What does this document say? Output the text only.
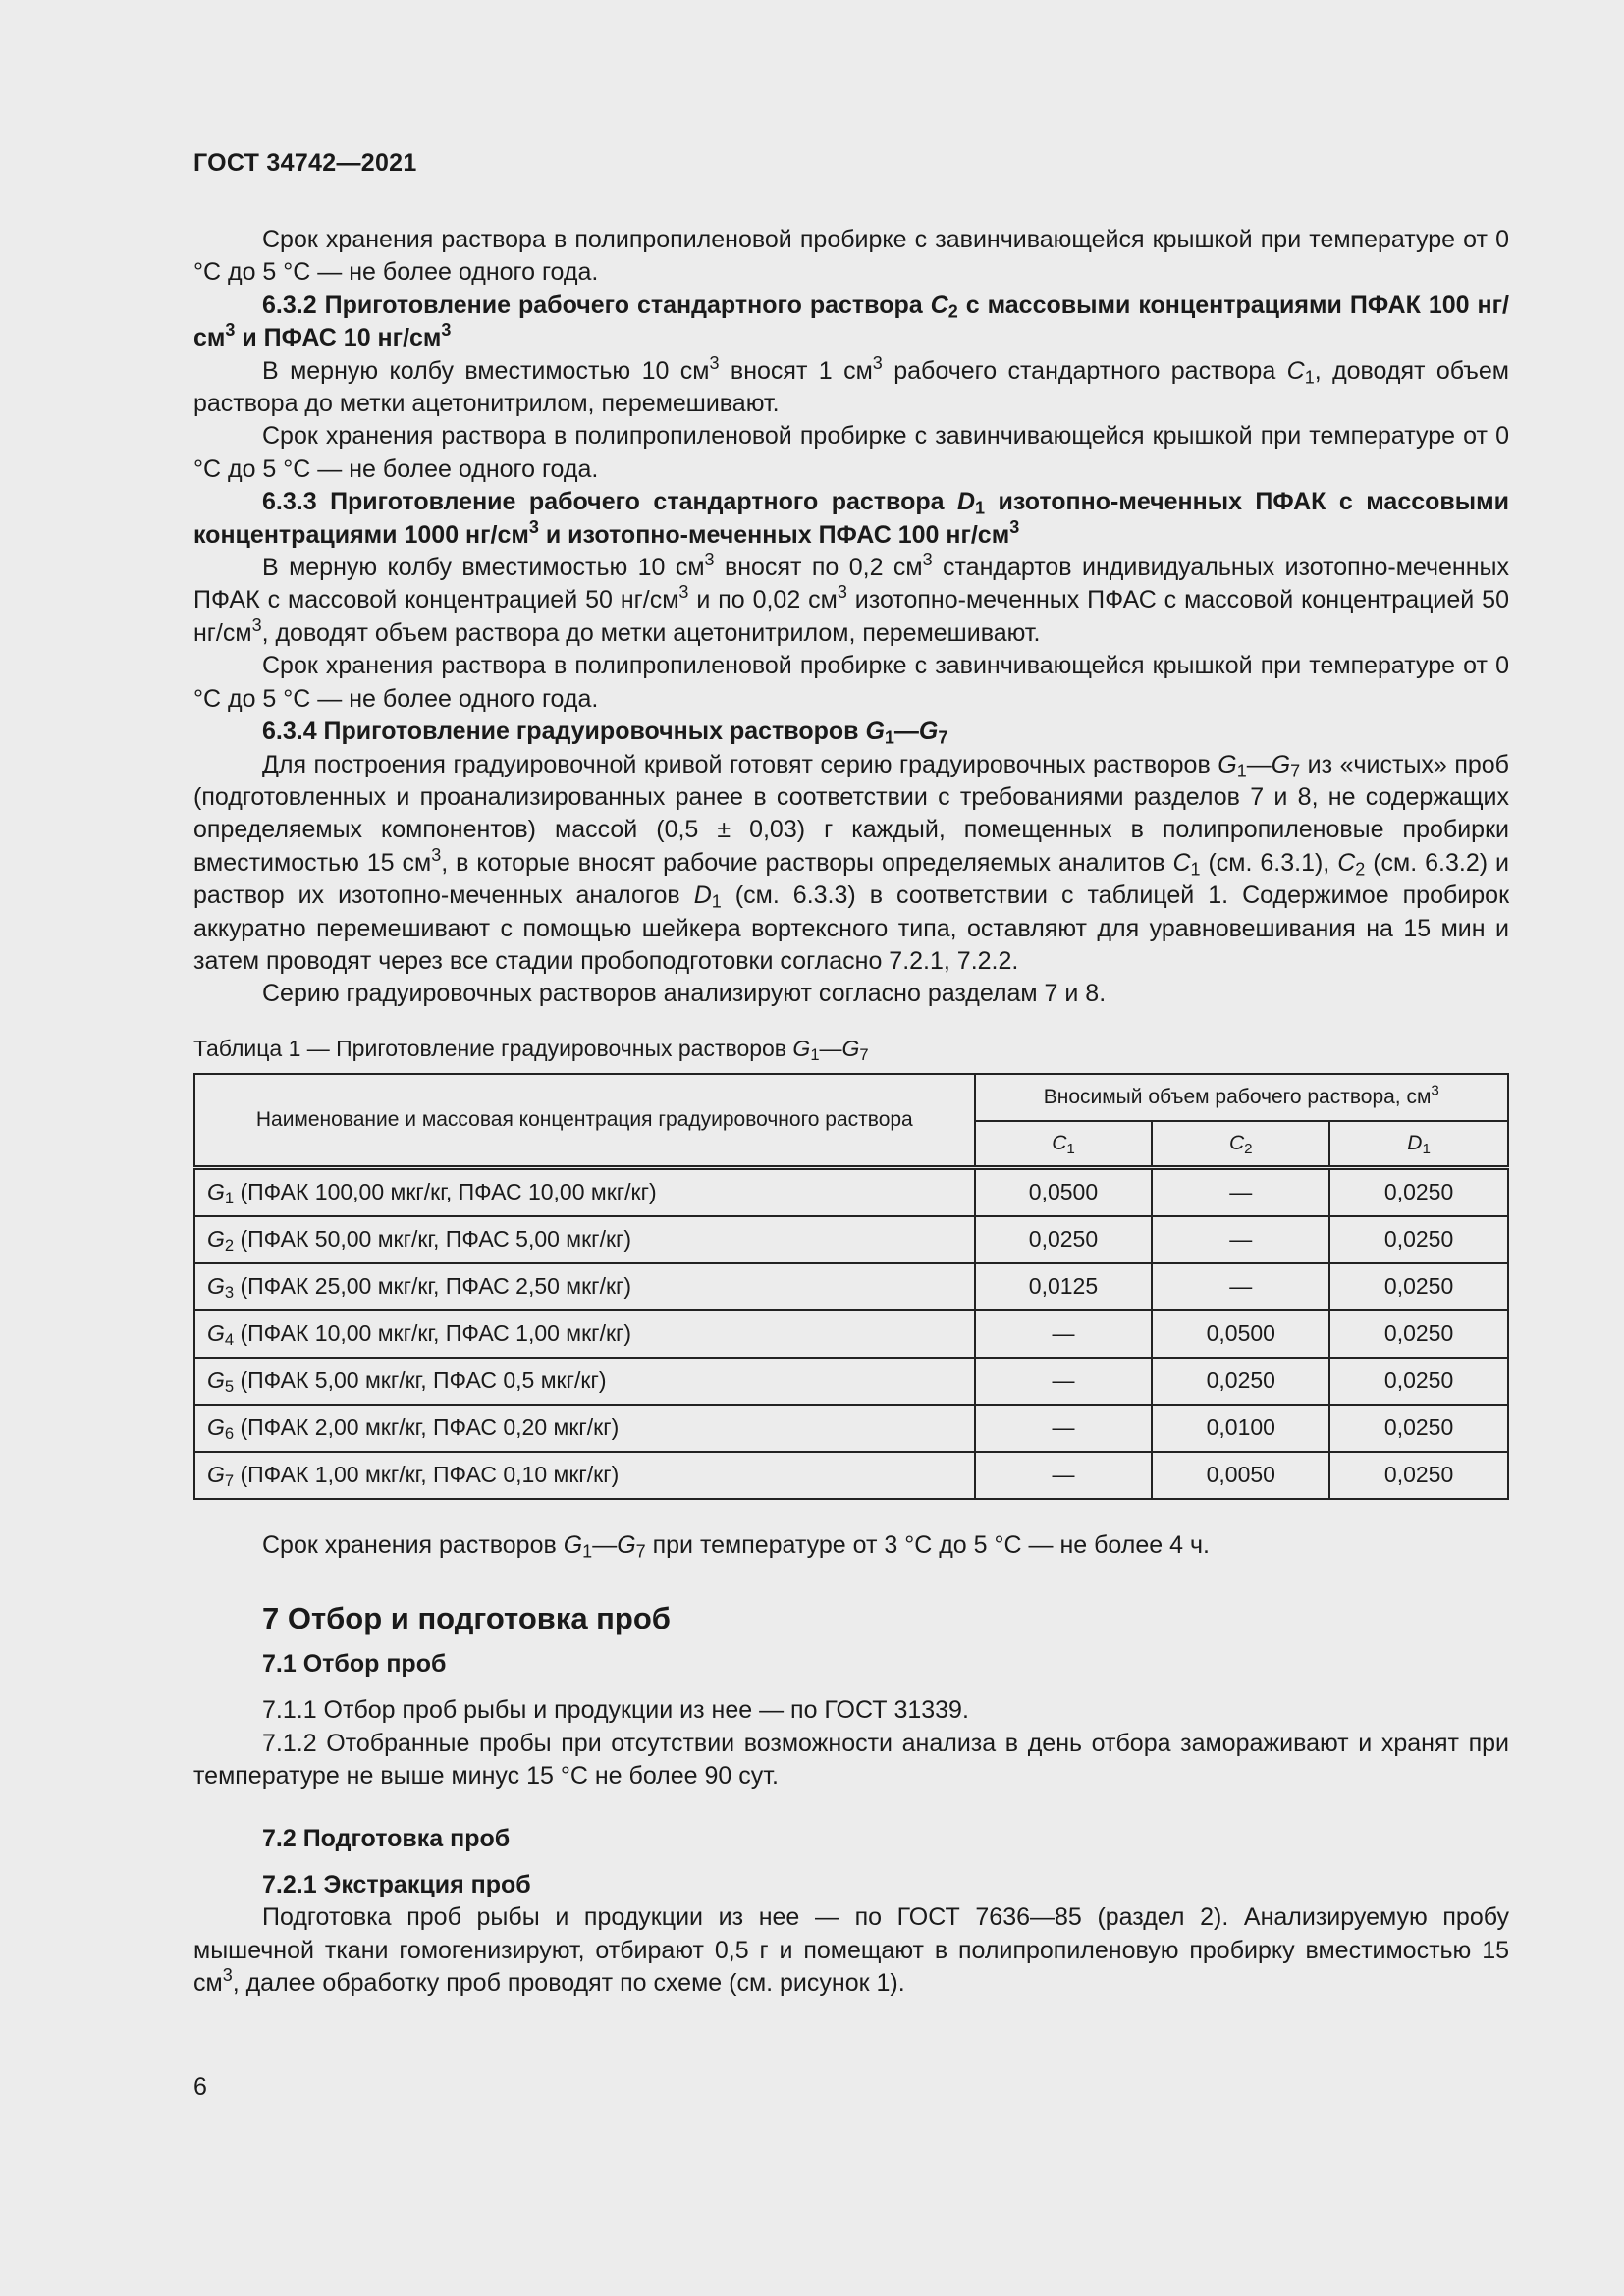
ГОСТ 34742—2021

Срок хранения раствора в полипропиленовой пробирке с завинчивающейся крышкой при температуре от 0 °С до 5 °С — не более одного года.

6.3.2 Приготовление рабочего стандартного раствора $C_2$ с массовыми концентрациями ПФАК 100 $нг/см^3$ и ПФАС 10 $нг/см^3$

В мерную колбу вместимостью 10 $см^3$ вносят 1 $см^3$ рабочего стандартного раствора $C_1$, доводят объем раствора до метки ацетонитрилом, перемешивают.

Срок хранения раствора в полипропиленовой пробирке с завинчивающейся крышкой при температуре от 0 °С до 5 °С — не более одного года.

6.3.3 Приготовление рабочего стандартного раствора $D_1$ изотопно-меченных ПФАК с массовыми концентрациями 1000 $нг/см^3$ и изотопно-меченных ПФАС 100 $нг/см^3$

В мерную колбу вместимостью 10 $см^3$ вносят по 0,2 $см^3$ стандартов индивидуальных изотопно-меченных ПФАК с массовой концентрацией 50 $нг/см^3$ и по 0,02 $см^3$ изотопно-меченных ПФАС с массовой концентрацией 50 $нг/см^3$, доводят объем раствора до метки ацетонитрилом, перемешивают.

Срок хранения раствора в полипропиленовой пробирке с завинчивающейся крышкой при температуре от 0 °С до 5 °С — не более одного года.

6.3.4 Приготовление градуировочных растворов $G_1—G_7$

Для построения градуировочной кривой готовят серию градуировочных растворов $G_1—G_7$ из «чистых» проб (подготовленных и проанализированных ранее в соответствии с требованиями разделов 7 и 8, не содержащих определяемых компонентов) массой (0,5 ± 0,03) г каждый, помещенных в полипропиленовые пробирки вместимостью 15 $см^3$, в которые вносят рабочие растворы определяемых аналитов $C_1$ (см. 6.3.1), $C_2$ (см. 6.3.2) и раствор их изотопно-меченных аналогов $D_1$ (см. 6.3.3) в соответствии с таблицей 1. Содержимое пробирок аккуратно перемешивают с помощью шейкера вортексного типа, оставляют для уравновешивания на 15 мин и затем проводят через все стадии пробоподготовки согласно 7.2.1, 7.2.2.

Серию градуировочных растворов анализируют согласно разделам 7 и 8.

Таблица 1 — Приготовление градуировочных растворов $G_1—G_7$

Наименование и массовая концентрация градуировочного раствора	Вносимый объем рабочего раствора, $см^3$
	$C_1$	$C_2$	$D_1$
$G_1$ (ПФАК 100,00 мкг/кг, ПФАС 10,00 мкг/кг)	0,0500	—	0,0250
$G_2$ (ПФАК 50,00 мкг/кг, ПФАС 5,00 мкг/кг)	0,0250	—	0,0250
$G_3$ (ПФАК 25,00 мкг/кг, ПФАС 2,50 мкг/кг)	0,0125	—	0,0250
$G_4$ (ПФАК 10,00 мкг/кг, ПФАС 1,00 мкг/кг)	—	0,0500	0,0250
$G_5$ (ПФАК 5,00 мкг/кг, ПФАС 0,5 мкг/кг)	—	0,0250	0,0250
$G_6$ (ПФАК 2,00 мкг/кг, ПФАС 0,20 мкг/кг)	—	0,0100	0,0250
$G_7$ (ПФАК 1,00 мкг/кг, ПФАС 0,10 мкг/кг)	—	0,0050	0,0250

Срок хранения растворов $G_1—G_7$ при температуре от 3 °С до 5 °С — не более 4 ч.

7 Отбор и подготовка проб

7.1 Отбор проб

7.1.1 Отбор проб рыбы и продукции из нее — по ГОСТ 31339.

7.1.2 Отобранные пробы при отсутствии возможности анализа в день отбора замораживают и хранят при температуре не выше минус 15 °С не более 90 сут.

7.2 Подготовка проб

7.2.1 Экстракция проб

Подготовка проб рыбы и продукции из нее — по ГОСТ 7636—85 (раздел 2). Анализируемую пробу мышечной ткани гомогенизируют, отбирают 0,5 г и помещают в полипропиленовую пробирку вместимостью 15 $см^3$, далее обработку проб проводят по схеме (см. рисунок 1).

6
